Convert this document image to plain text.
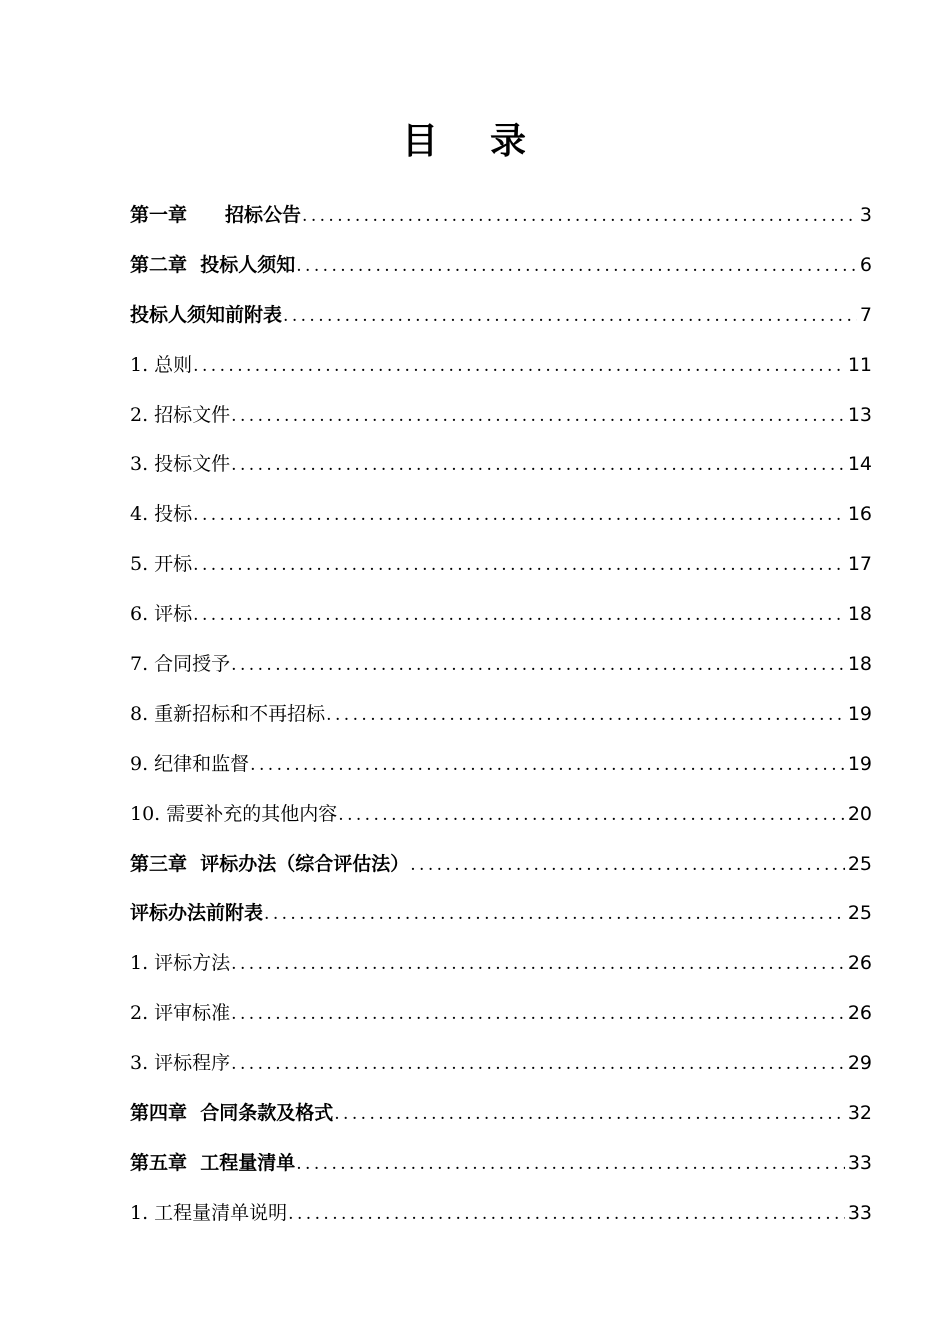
目录
第一章　　招标公告 .....	3
第二章  投标人须知 .....	6
投标人须知前附表 .....	7
1. 总则 .....	11
2. 招标文件 .....	13
3. 投标文件 .....	14
4. 投标 .....	16
5. 开标 .....	17
6. 评标 .....	18
7. 合同授予 .....	18
8. 重新招标和不再招标 .....	19
9. 纪律和监督 .....	19
10. 需要补充的其他内容 .....	20
第三章  评标办法（综合评估法） .....	25
评标办法前附表 .....	25
1. 评标方法 .....	26
2. 评审标准 .....	26
3. 评标程序 .....	29
第四章  合同条款及格式 .....	32
第五章  工程量清单 .....	33
1. 工程量清单说明 .....	33
